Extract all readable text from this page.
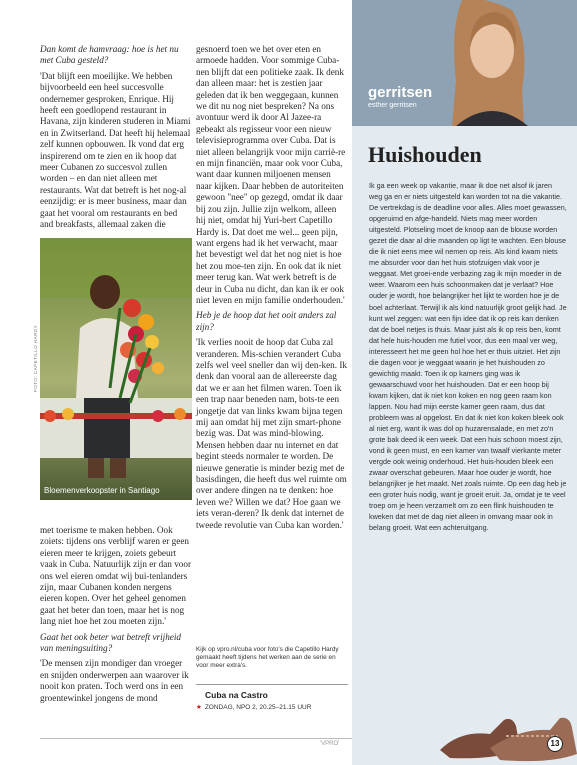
Dan komt de hamvraag: hoe is het nu met Cuba gesteld?
'Dat blijft een moeilijke. We hebben bijvoorbeeld een heel succesvolle ondernemer gesproken, Enrique. Hij heeft een goedlopend restaurant in Havana, zijn kinderen studeren in Miami en in Zwitserland. Dat heeft hij helemaal zelf kunnen opbouwen. Ik vond dat erg inspirerend om te zien en ik hoop dat meer Cubanen zo succesvol zullen worden – en dan niet alleen met restaurants. Wat dat betreft is het nog-al eenzijdig: er is meer business, maar dan gaat het vooral om restaurants en bed and breakfasts, allemaal zaken die
FOTO: CAPETILLO HARDY
Bloemenverkoopster in Santiago
met toerisme te maken hebben. Ook zoiets: tijdens ons verblijf waren er geen eieren meer te krijgen, zoiets gebeurt vaak in Cuba. Natuurlijk zijn er dan voor ons wel eieren omdat wij bui-tenlanders zijn, maar Cubanen konden nergens eieren kopen. Over het geheel genomen gaat het beter dan toen, maar het is nog lang niet hoe het zou moeten zijn.'
Gaat het ook beter wat betreft vrijheid van meningsuiting?
'De mensen zijn mondiger dan vroeger en snijden onderwerpen aan waarover ik nooit kon praten. Toch werd ons in een groentewinkel jongens de mond
gesnoerd toen we het over eten en armoede hadden. Voor sommige Cuba-nen blijft dat een politieke zaak. Ik denk dan alleen maar: het is zestien jaar geleden dat ik ben weggegaan, kunnen we dit nu nog niet bespreken? Na ons avontuur werd ik door Al Jazee-ra gebeakt als regisseur voor een nieuw televisieprogramma over Cuba. Dat is niet alleen belangrijk voor mijn carriè-re en mijn financiën, maar ook voor Cuba, want daar kunnen miljoenen mensen naar kijken. Daar hebben de autoriteiten gewoon "nee" op gezegd, omdat ik daar bij zou zijn. Jullie zijn welkom, alleen hij niet, omdat hij Yuri-bert Capetillo Hardy is. Dat doet me wel... geen pijn, want ergens had ik het verwacht, maar het bevestigt wel dat het nog niet is hoe het zou moe-ten zijn. En ook dat ik niet meer terug kan. Wat werk betreft is de deur in Cuba nu dicht, dan kan ik er ook niet leven en mijn familie onderhouden.'
Heb je de hoop dat het ooit anders zal zijn?
'Ik verlies nooit de hoop dat Cuba zal veranderen. Mis-schien verandert Cuba zelfs wel veel sneller dan wij den-ken. Ik denk dan vooral aan de allereerste dag dat we er aan het filmen waren. Toen ik een trap naar beneden nam, bots-te een jongetje dat van links kwam bijna tegen mij aan omdat hij met zijn smart-phone bezig was. Dat was mind-blowing. Mensen hebben daar nu internet en dat begint steeds normaler te worden. De nieuwe generatie is minder bezig met de basisdingen, die heeft dus wel ruimte om over andere dingen na te denken: hoe leven we? Willen we dat? Hoe gaan we iets veran-deren? Ik denk dat internet de tweede revolutie van Cuba kan worden.'
Kijk op vpro.nl/cuba voor foto's die Capetillo Hardy gemaakt heeft tijdens het werken aan de serie en voor meer extra's.
Cuba na Castro
★ ZONDAG, NPO 2, 20.25–21.15 UUR
gerritsen
esther gerritsen
Huishouden
Ik ga een week op vakantie, maar ik doe net alsof ik jaren weg ga en er niets uitgesteld kan worden tot na die vakantie. De vertrekdag is de deadline voor alles. Alles moet gewassen, opgeruimd en afge-handeld. Niets mag meer worden uitgesteld. Plotseling moet de knoop aan de blouse worden gezet die daar al drie maanden op ligt te wachten. Een blouse die ik niet eens mee wil nemen op reis. Als kind kwam niets me absurder voor dan het huis stofzuigen vlak voor je weggaat. Met groei-ende verbazing zag ik mijn moeder in de weer. Waarom een huis schoonmaken dat je verlaat? Hoe ouder je wordt, hoe belangrijker het lijkt te worden hoe je de boel achterlaat. Terwijl ik als kind natuurlijk groot gelijk had. Je kunt wel zeggen: wat een fijn idee dat ik op reis kan denken dat de boel netjes is thuis. Maar juist als ik op reis ben, komt dat hele huis-houden me futiel voor, dus een maal ver weg, interesseert het me geen hol hoe het er thuis uitziet. Het zijn die dagen voor je weggaat waarin je het huishouden zo gewichtig maakt. Toen ik op kamers ging was ik gewaarschuwd voor het huishouden. Dat er een hoop bij kwam kijken, dat ik niet kon koken en nog geen raam kon lappen. Nou had mijn eerste kamer geen raam, dus dat probleem was al opgelost. En dat ik niet kon koken bleek ook al niet erg, want ik was dol op huzarensalade, en met zo'n grote bak deed ik een week. Dat een huis schoon moest zijn, vond ik geen must, en een kamer van twaalf vierkante meter vergde ook weinig onderhoud. Het huis-houden bleek een zwaar overschat gebeuren. Maar hoe ouder je wordt, hoe belangrijker je het maakt. Net zoals ruimte. Op een dag heb je een groter huis nodig, want je groeit eruit. Ja, omdat je te veel troep om je heen verzamelt om zo een flink huishouden te kweken dat met de dag niet alleen in omvang maar ook in belang groeit. Wat een achteruitgang.
'VPRO'	13
